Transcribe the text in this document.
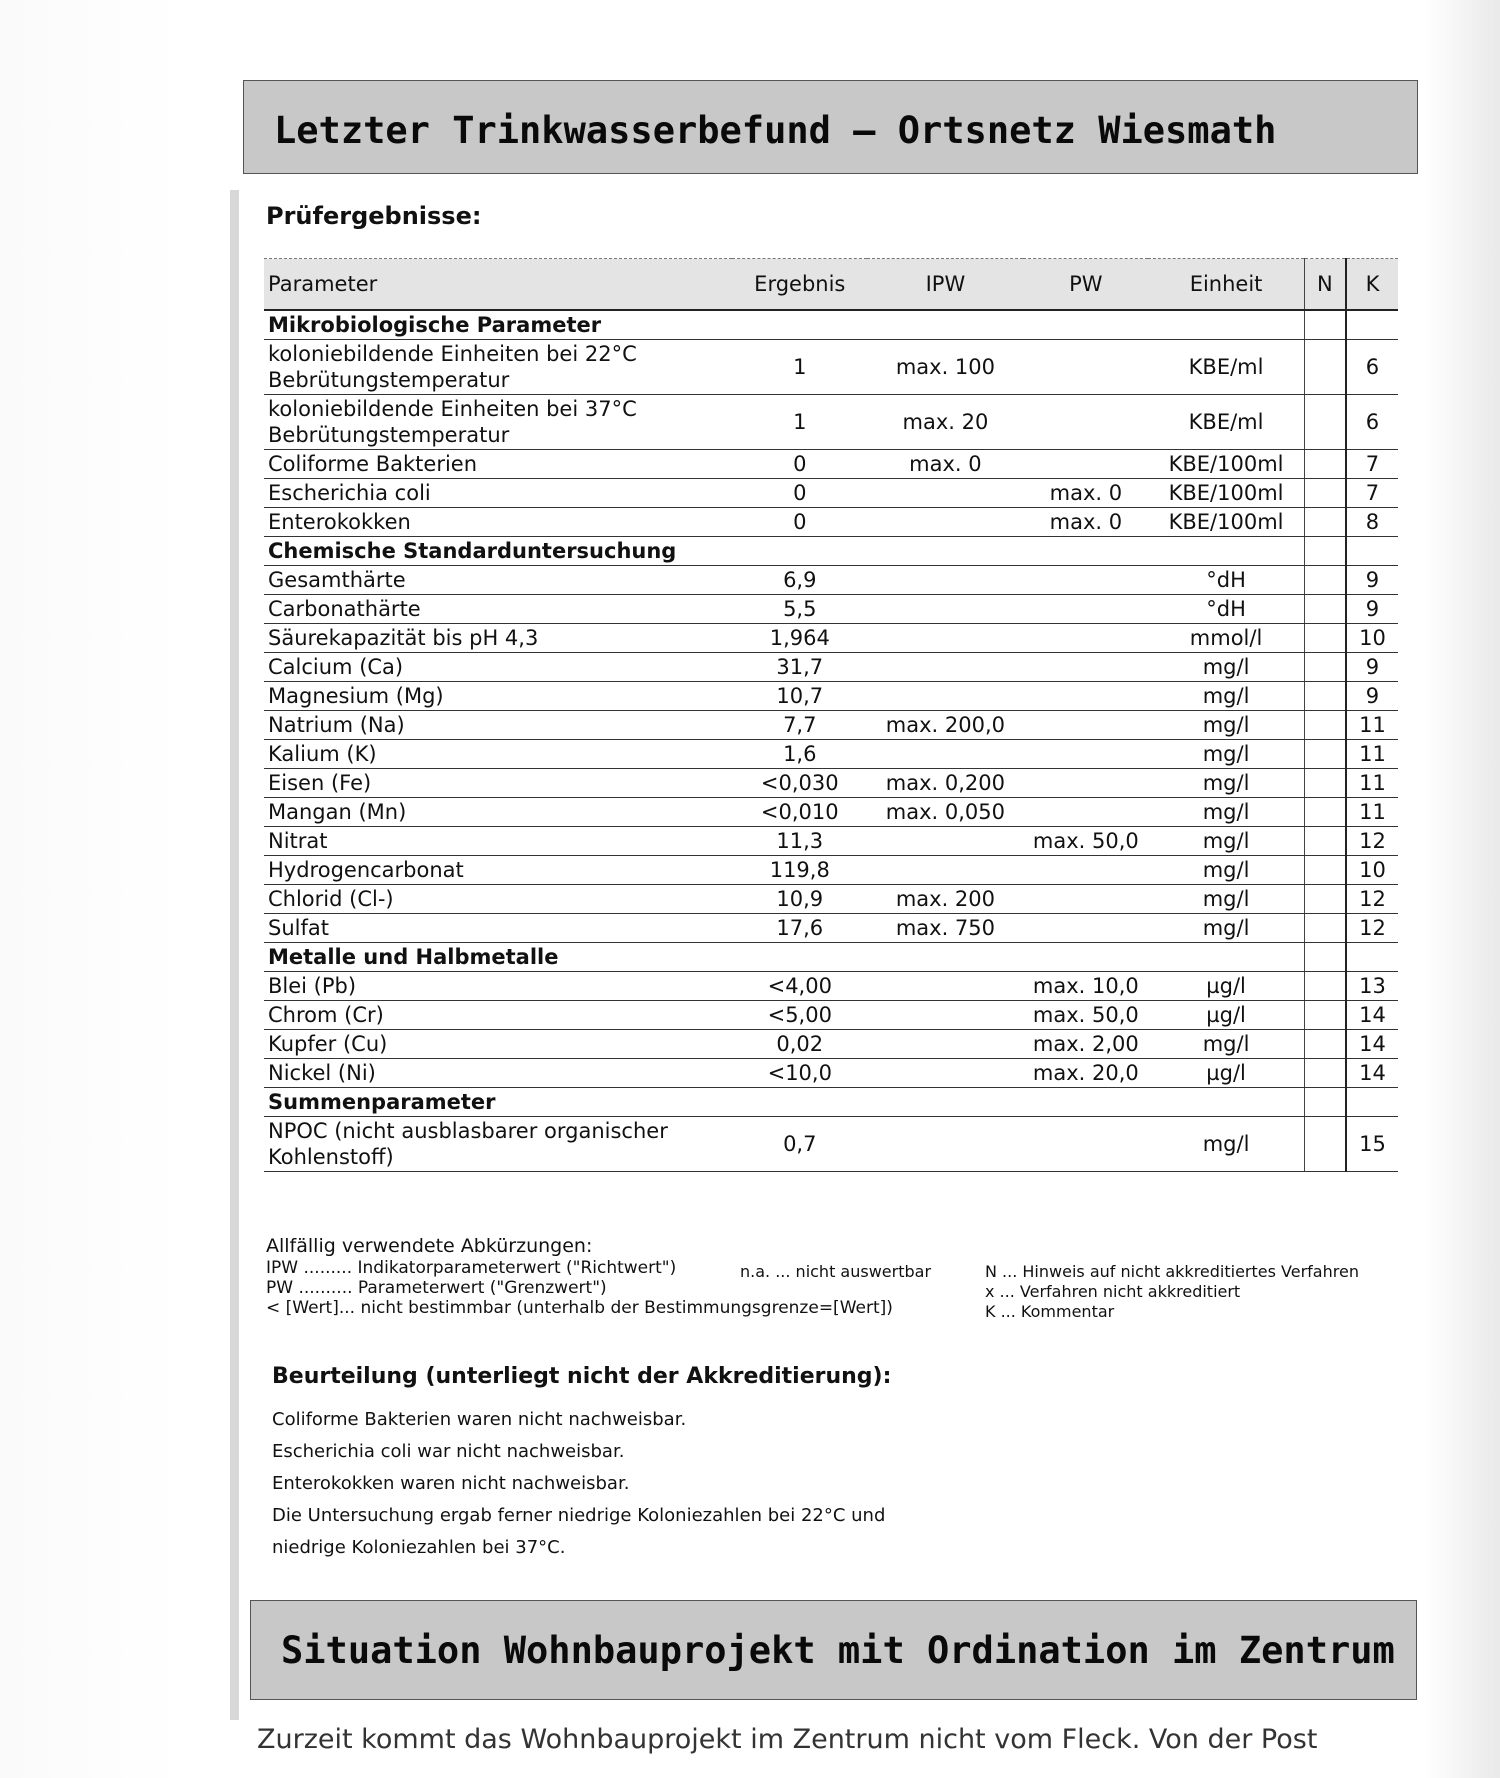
Letzter Trinkwasserbefund – Ortsnetz Wiesmath
Prüfergebnisse:
Parameter	Ergebnis	IPW	PW	Einheit	N	K
Mikrobiologische Parameter						
koloniebildende Einheiten bei 22°C Bebrütungstemperatur	1	max. 100		KBE/ml		6
koloniebildende Einheiten bei 37°C Bebrütungstemperatur	1	max. 20		KBE/ml		6
Coliforme Bakterien	0	max. 0		KBE/100ml		7
Escherichia coli	0		max. 0	KBE/100ml		7
Enterokokken	0		max. 0	KBE/100ml		8
Chemische Standarduntersuchung						
Gesamthärte	6,9			°dH		9
Carbonathärte	5,5			°dH		9
Säurekapazität bis pH 4,3	1,964			mmol/l		10
Calcium (Ca)	31,7			mg/l		9
Magnesium (Mg)	10,7			mg/l		9
Natrium (Na)	7,7	max. 200,0		mg/l		11
Kalium (K)	1,6			mg/l		11
Eisen (Fe)	<0,030	max. 0,200		mg/l		11
Mangan (Mn)	<0,010	max. 0,050		mg/l		11
Nitrat	11,3		max. 50,0	mg/l		12
Hydrogencarbonat	119,8			mg/l		10
Chlorid (Cl-)	10,9	max. 200		mg/l		12
Sulfat	17,6	max. 750		mg/l		12
Metalle und Halbmetalle						
Blei (Pb)	<4,00		max. 10,0	µg/l		13
Chrom (Cr)	<5,00		max. 50,0	µg/l		14
Kupfer (Cu)	0,02		max. 2,00	mg/l		14
Nickel (Ni)	<10,0		max. 20,0	µg/l		14
Summenparameter						
NPOC (nicht ausblasbarer organischer Kohlenstoff)	0,7			mg/l		15
Allfällig verwendete Abkürzungen:
IPW ......... Indikatorparameterwert ("Richtwert")
PW .......... Parameterwert ("Grenzwert")
< [Wert]... nicht bestimmbar (unterhalb der Bestimmungsgrenze=[Wert])
n.a. ... nicht auswertbar	N ... Hinweis auf nicht akkreditiertes Verfahren
x ... Verfahren nicht akkreditiert
K ... Kommentar
Beurteilung (unterliegt nicht der Akkreditierung):
Coliforme Bakterien waren nicht nachweisbar.
Escherichia coli war nicht nachweisbar.
Enterokokken waren nicht nachweisbar.
Die Untersuchung ergab ferner niedrige Koloniezahlen bei 22°C und
niedrige Koloniezahlen bei 37°C.
Situation Wohnbauprojekt mit Ordination im Zentrum
Zurzeit kommt das Wohnbauprojekt im Zentrum nicht vom Fleck. Von der Post
